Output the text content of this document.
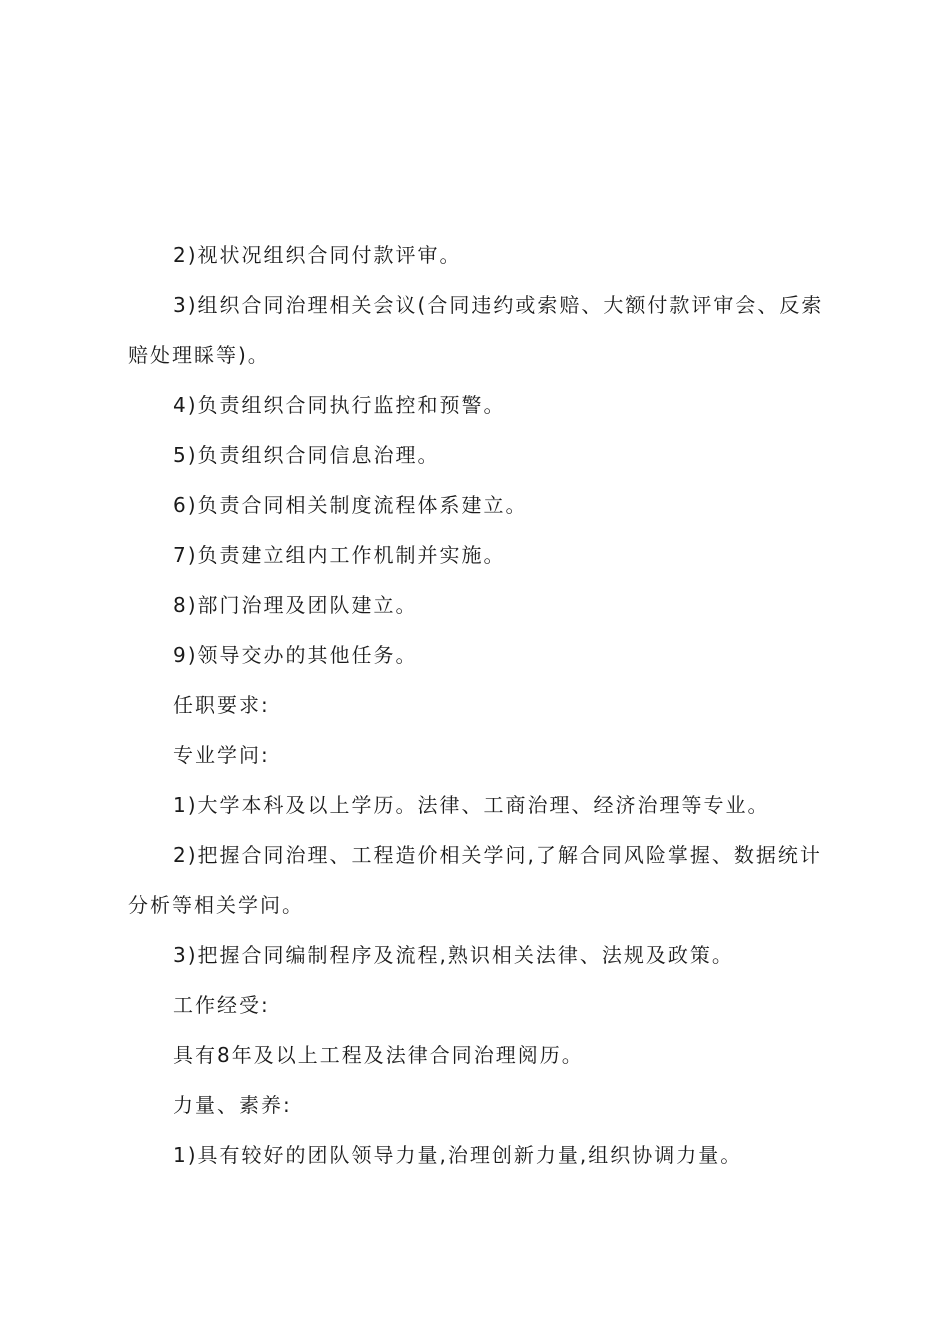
2)视状况组织合同付款评审。
3)组织合同治理相关会议(合同违约或索赔、大额付款评审会、反索
赔处理睬等)。
4)负责组织合同执行监控和预警。
5)负责组织合同信息治理。
6)负责合同相关制度流程体系建立。
7)负责建立组内工作机制并实施。
8)部门治理及团队建立。
9)领导交办的其他任务。
任职要求:
专业学问:
1)大学本科及以上学历。法律、工商治理、经济治理等专业。
2)把握合同治理、工程造价相关学问,了解合同风险掌握、数据统计
分析等相关学问。
3)把握合同编制程序及流程,熟识相关法律、法规及政策。
工作经受:
具有8年及以上工程及法律合同治理阅历。
力量、素养:
1)具有较好的团队领导力量,治理创新力量,组织协调力量。
